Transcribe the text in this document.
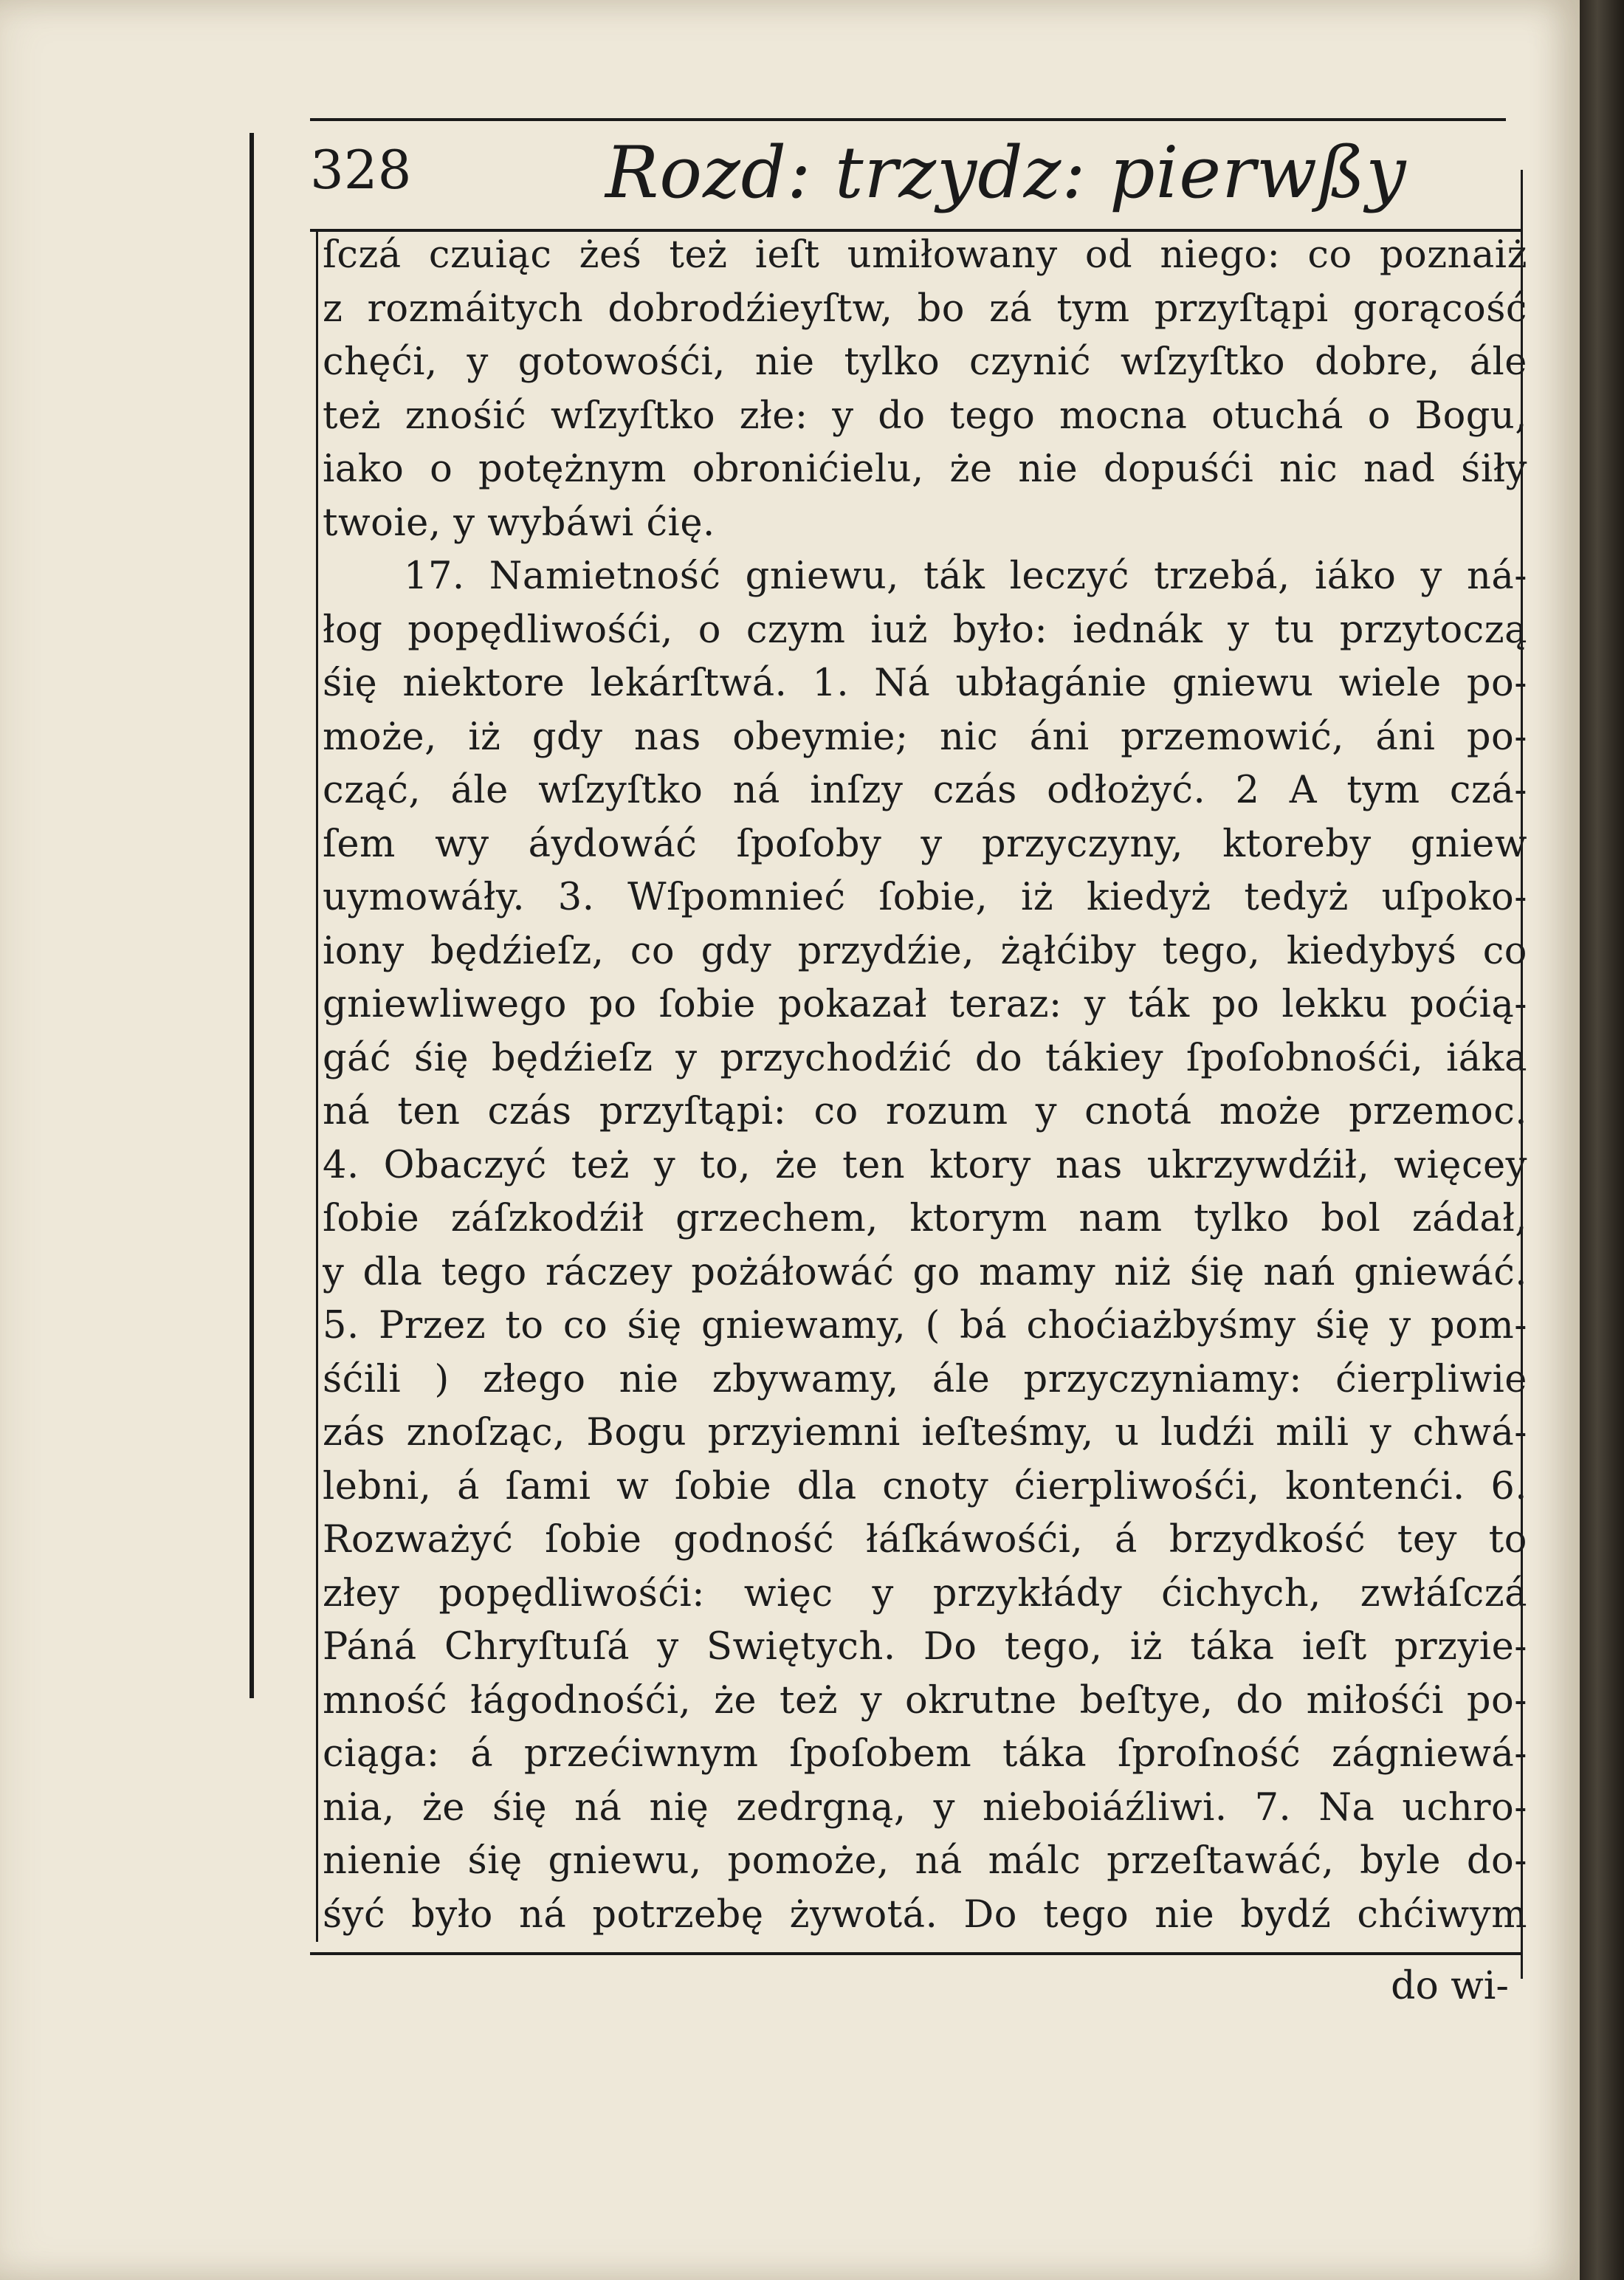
328	Rozd: trzydz: pierwßy
ſczá czuiąc żeś też ieſt umiłowany od niego: co poznaiż
z rozmáitych dobrodźieyſtw, bo zá tym przyſtąpi gorącość
chęći, y gotowośći, nie tylko czynić wſzyſtko dobre, ále
też znośić wſzyſtko złe: y do tego mocna otuchá o Bogu,
iako o potężnym obronićielu, że nie dopuśći nic nad śiły
twoie, y wybáwi ćię.
17. Namietność gniewu, ták leczyć trzebá, iáko y ná-
łog popędliwośći, o czym iuż było: iednák y tu przytoczą
śię niektore lekárſtwá. 1. Ná ubłagánie gniewu wiele po-
może, iż gdy nas obeymie; nic áni przemowić, áni po-
cząć, ále wſzyſtko ná inſzy czás odłożyć. 2 A tym czá-
ſem wy áydowáć ſpoſoby y przyczyny, ktoreby gniew
uymowáły. 3. Wſpomnieć ſobie, iż kiedyż tedyż uſpoko-
iony będźieſz, co gdy przydźie, żąłćiby tego, kiedybyś co
gniewliwego po ſobie pokazał teraz: y ták po lekku poćią-
gáć śię będźieſz y przychodźić do tákiey ſpoſobnośći, iáka
ná ten czás przyſtąpi: co rozum y cnotá może przemoc.
4. Obaczyć też y to, że ten ktory nas ukrzywdźił, więcey
ſobie záſzkodźił grzechem, ktorym nam tylko bol zádał,
y dla tego ráczey pożáłowáć go mamy niż śię nań gniewáć.
5. Przez to co śię gniewamy, ( bá choćiażbyśmy śię y pom-
śćili ) złego nie zbywamy, ále przyczyniamy: ćierpliwie
zás znoſząc, Bogu przyiemni ieſteśmy, u ludźi mili y chwá-
lebni, á ſami w ſobie dla cnoty ćierpliwośći, kontenći. 6.
Rozważyć ſobie godność łáſkáwośći, á brzydkość tey to
złey popędliwośći: więc y przykłády ćichych, zwłáſczá
Páná Chryſtuſá y Swiętych. Do tego, iż táka ieſt przyie-
mność łágodnośći, że też y okrutne beſtye, do miłośći po-
ciąga: á przećiwnym ſpoſobem táka ſproſność zágniewá-
nia, że śię ná nię zedrgną, y nieboiáźliwi. 7. Na uchro-
nienie śię gniewu, pomoże, ná málc przeſtawáć, byle do-
śyć było ná potrzebę żywotá. Do tego nie bydź chćiwym
do wi-
